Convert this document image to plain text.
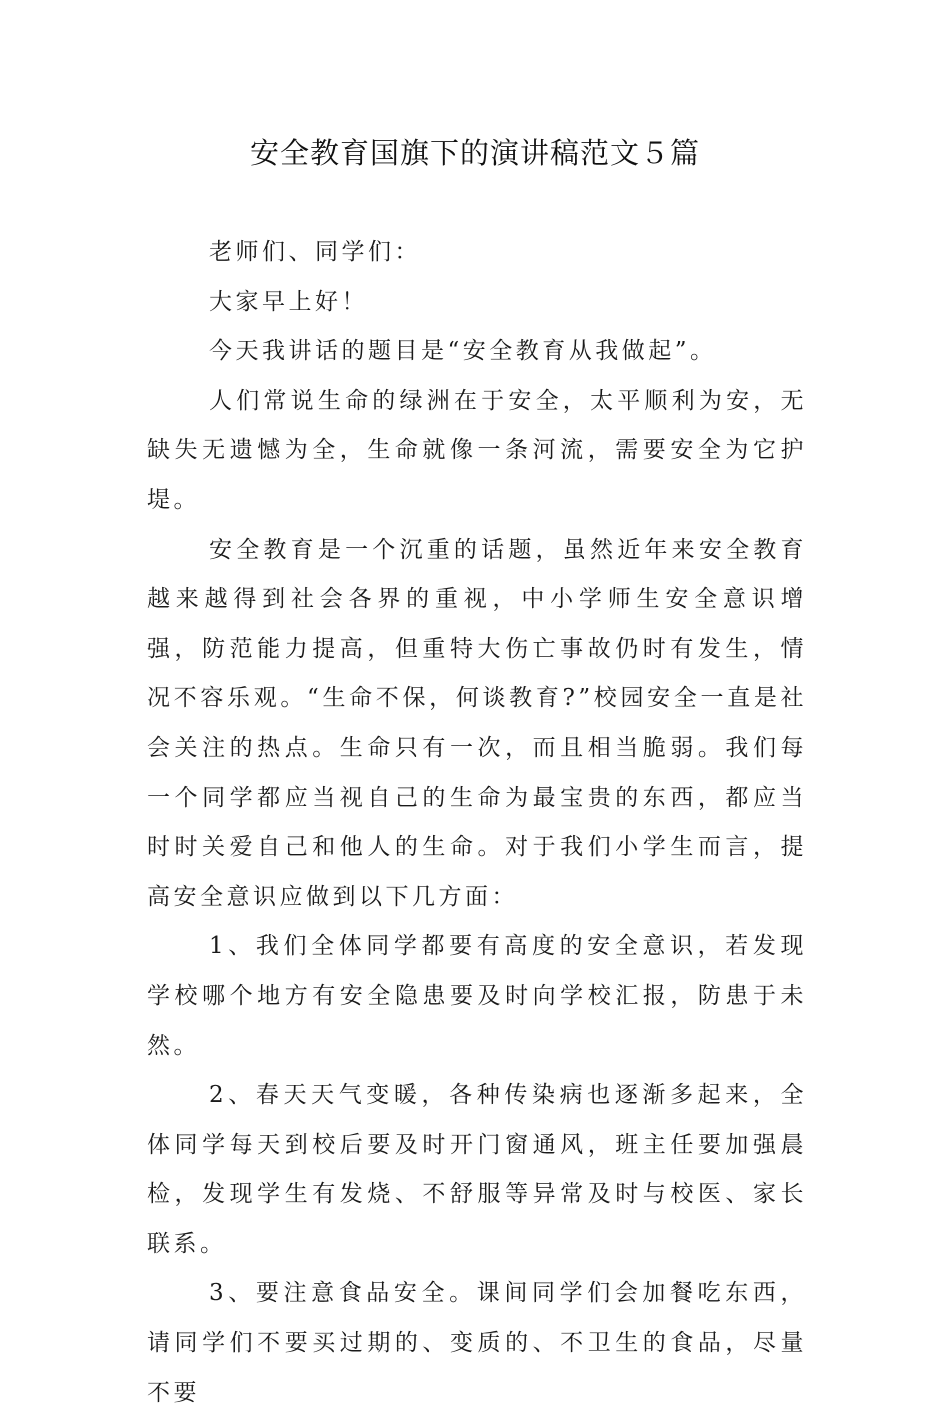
安全教育国旗下的演讲稿范文５篇

老师们、同学们：

大家早上好！

今天我讲话的题目是“安全教育从我做起”。

人们常说生命的绿洲在于安全，太平顺利为安，无缺失无遗憾为全，生命就像一条河流，需要安全为它护堤。

安全教育是一个沉重的话题，虽然近年来安全教育越来越得到社会各界的重视，中小学师生安全意识增强，防范能力提高，但重特大伤亡事故仍时有发生，情况不容乐观。“生命不保，何谈教育?”校园安全一直是社会关注的热点。生命只有一次，而且相当脆弱。我们每一个同学都应当视自己的生命为最宝贵的东西，都应当时时关爱自己和他人的生命。对于我们小学生而言，提高安全意识应做到以下几方面：

1、我们全体同学都要有高度的安全意识，若发现学校哪个地方有安全隐患要及时向学校汇报，防患于未然。

2、春天天气变暖，各种传染病也逐渐多起来，全体同学每天到校后要及时开门窗通风，班主任要加强晨检，发现学生有发烧、不舒服等异常及时与校医、家长联系。

3、要注意食品安全。课间同学们会加餐吃东西，请同学们不要买过期的、变质的、不卫生的食品，尽量不要
